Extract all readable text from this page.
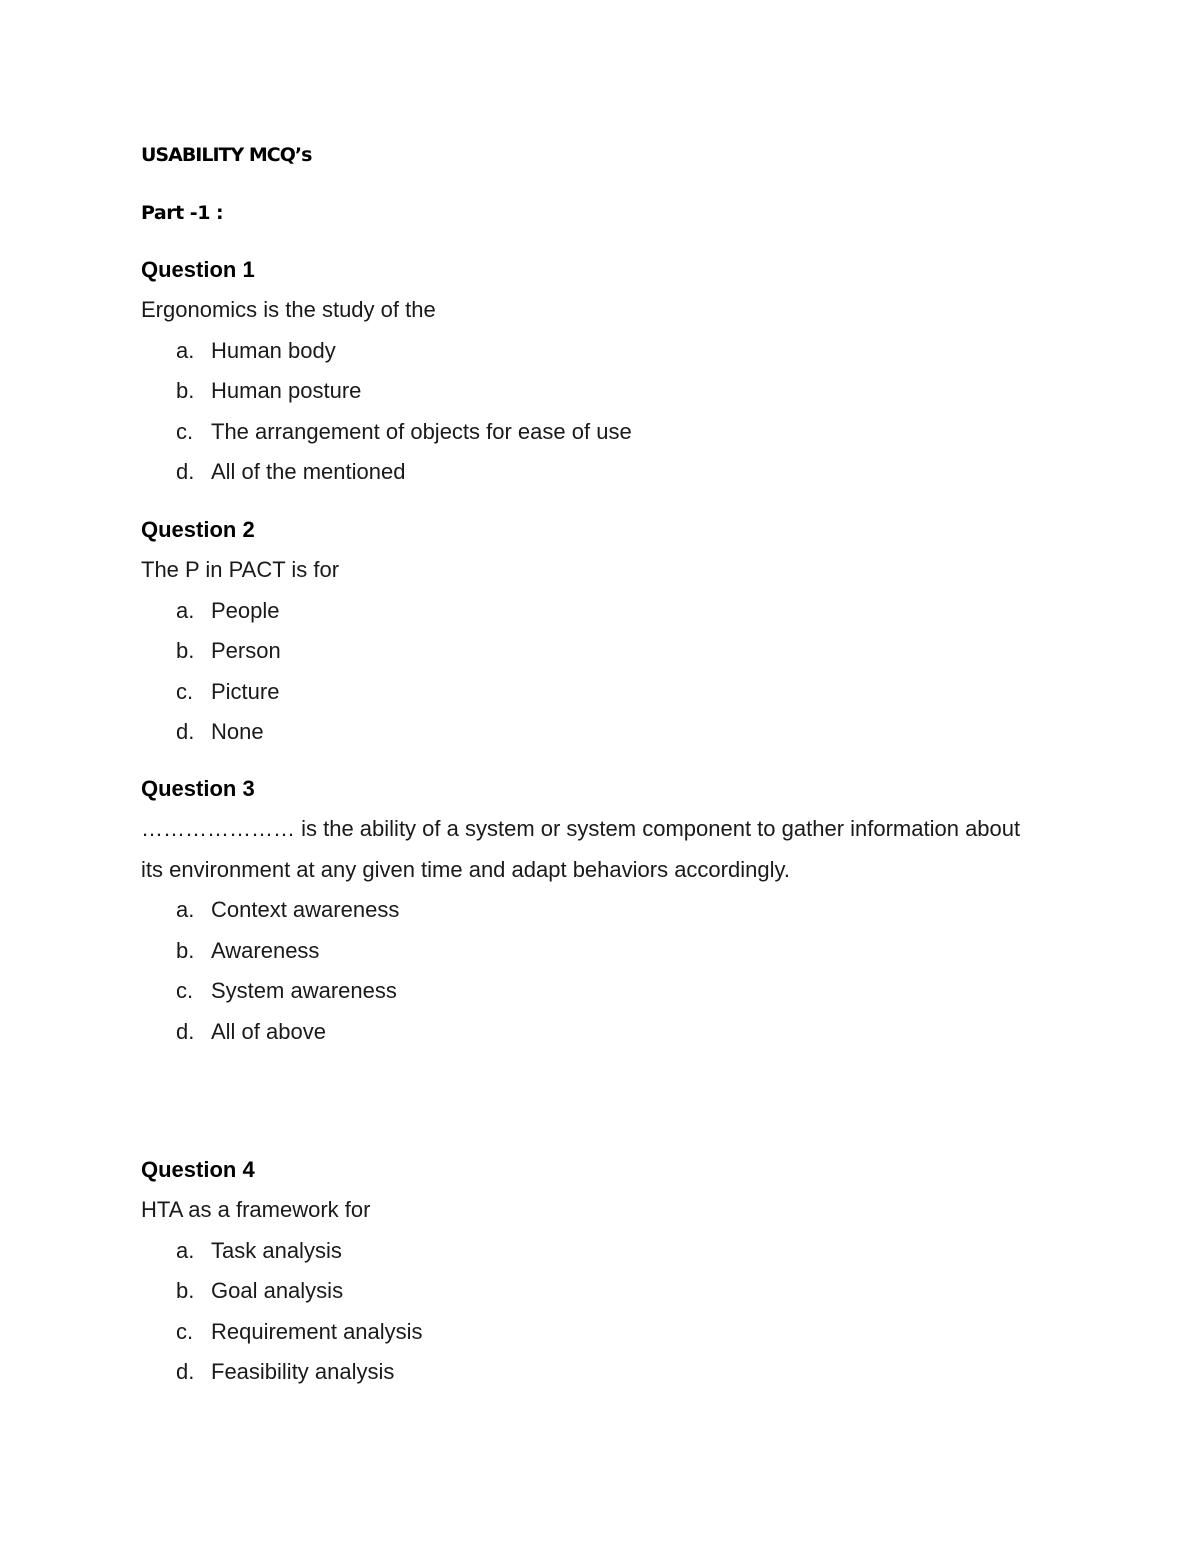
USABILITY MCQ’s
Part -1 :
Question 1
Ergonomics is the study of the
a. Human body
b. Human posture
c. The arrangement of objects for ease of use
d. All of the mentioned
Question 2
The P in PACT is for
a. People
b. Person
c. Picture
d. None
Question 3
………………… is the ability of a system or system component to gather information about its environment at any given time and adapt behaviors accordingly.
a. Context awareness
b. Awareness
c. System awareness
d. All of above
Question 4
HTA as a framework for
a. Task analysis
b. Goal analysis
c. Requirement analysis
d. Feasibility analysis
